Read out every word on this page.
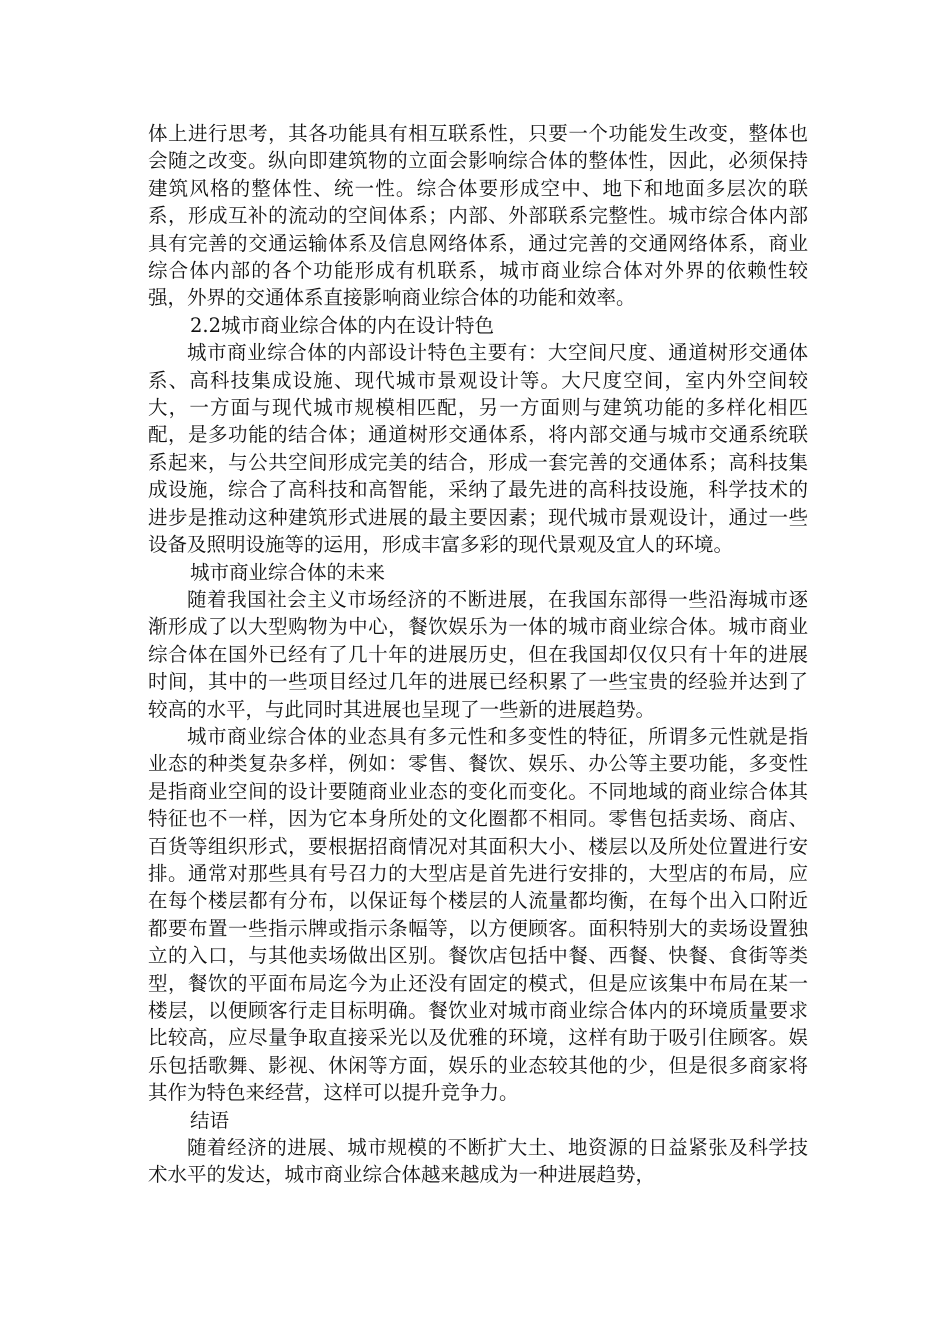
体上进行思考，其各功能具有相互联系性，只要一个功能发生改变，整体也会随之改变。纵向即建筑物的立面会影响综合体的整体性，因此，必须保持建筑风格的整体性、统一性。综合体要形成空中、地下和地面多层次的联系，形成互补的流动的空间体系；内部、外部联系完整性。城市综合体内部具有完善的交通运输体系及信息网络体系，通过完善的交通网络体系，商业综合体内部的各个功能形成有机联系，城市商业综合体对外界的依赖性较强，外界的交通体系直接影响商业综合体的功能和效率。

2.2城市商业综合体的内在设计特色

城市商业综合体的内部设计特色主要有：大空间尺度、通道树形交通体系、高科技集成设施、现代城市景观设计等。大尺度空间，室内外空间较大，一方面与现代城市规模相匹配，另一方面则与建筑功能的多样化相匹配，是多功能的结合体；通道树形交通体系，将内部交通与城市交通系统联系起来，与公共空间形成完美的结合，形成一套完善的交通体系；高科技集成设施，综合了高科技和高智能，采纳了最先进的高科技设施，科学技术的进步是推动这种建筑形式进展的最主要因素；现代城市景观设计，通过一些设备及照明设施等的运用，形成丰富多彩的现代景观及宜人的环境。

城市商业综合体的未来

随着我国社会主义市场经济的不断进展，在我国东部得一些沿海城市逐渐形成了以大型购物为中心，餐饮娱乐为一体的城市商业综合体。城市商业综合体在国外已经有了几十年的进展历史，但在我国却仅仅只有十年的进展时间，其中的一些项目经过几年的进展已经积累了一些宝贵的经验并达到了较高的水平，与此同时其进展也呈现了一些新的进展趋势。

城市商业综合体的业态具有多元性和多变性的特征，所谓多元性就是指业态的种类复杂多样，例如：零售、餐饮、娱乐、办公等主要功能，多变性是指商业空间的设计要随商业业态的变化而变化。不同地域的商业综合体其特征也不一样，因为它本身所处的文化圈都不相同。零售包括卖场、商店、百货等组织形式，要根据招商情况对其面积大小、楼层以及所处位置进行安排。通常对那些具有号召力的大型店是首先进行安排的，大型店的布局，应在每个楼层都有分布，以保证每个楼层的人流量都均衡，在每个出入口附近都要布置一些指示牌或指示条幅等，以方便顾客。面积特别大的卖场设置独立的入口，与其他卖场做出区别。餐饮店包括中餐、西餐、快餐、食街等类型，餐饮的平面布局迄今为止还没有固定的模式，但是应该集中布局在某一楼层，以便顾客行走目标明确。餐饮业对城市商业综合体内的环境质量要求比较高，应尽量争取直接采光以及优雅的环境，这样有助于吸引住顾客。娱乐包括歌舞、影视、休闲等方面，娱乐的业态较其他的少，但是很多商家将其作为特色来经营，这样可以提升竞争力。

结语

随着经济的进展、城市规模的不断扩大土、地资源的日益紧张及科学技术水平的发达，城市商业综合体越来越成为一种进展趋势，
